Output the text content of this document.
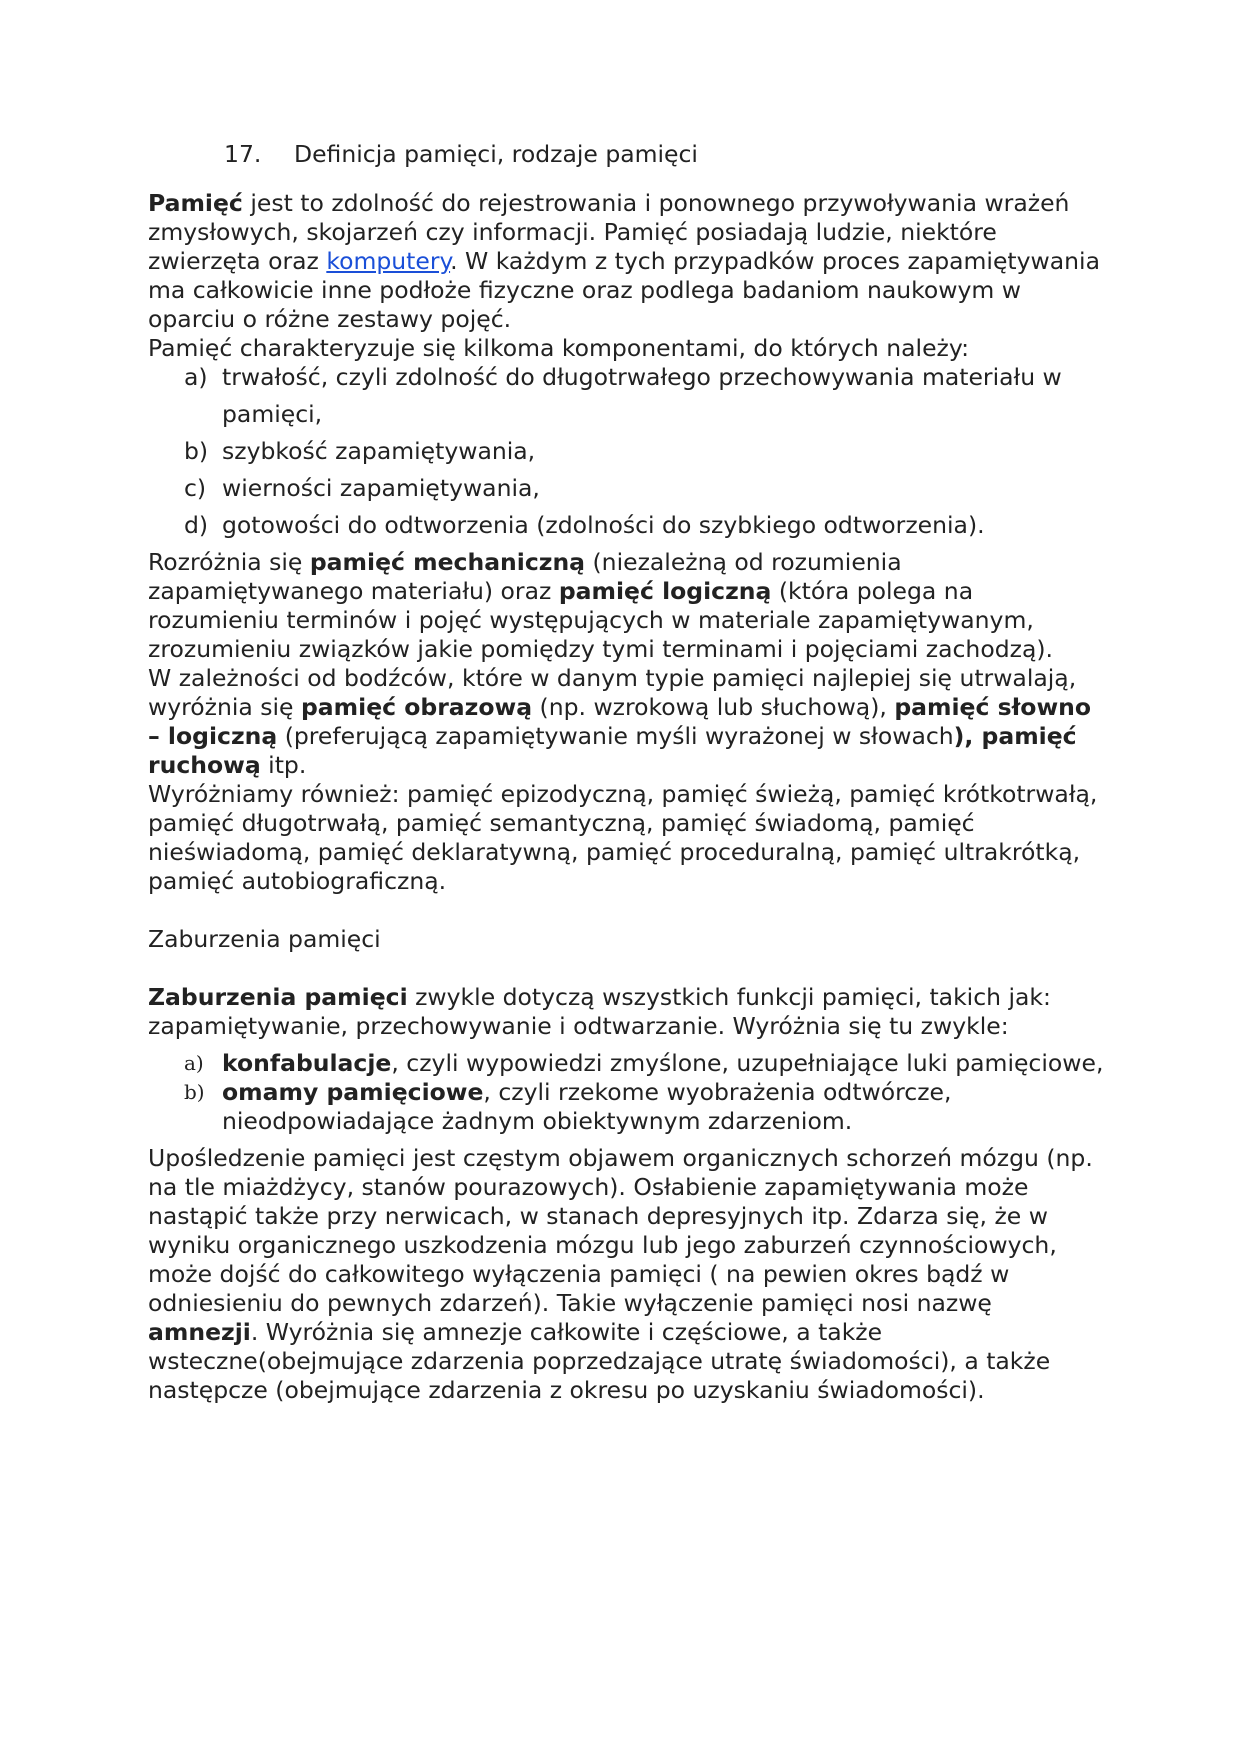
17.	Definicja pamięci, rodzaje pamięci

Pamięć jest to zdolność do rejestrowania i ponownego przywoływania wrażeń zmysłowych, skojarzeń czy informacji. Pamięć posiadają ludzie, niektóre zwierzęta oraz komputery. W każdym z tych przypadków proces zapamiętywania ma całkowicie inne podłoże fizyczne oraz podlega badaniom naukowym w oparciu o różne zestawy pojęć.

Pamięć charakteryzuje się kilkoma komponentami, do których należy:

a) trwałość, czyli zdolność do długotrwałego przechowywania materiału w pamięci,
b) szybkość zapamiętywania,
c) wierności zapamiętywania,
d) gotowości do odtworzenia (zdolności do szybkiego odtworzenia).

Rozróżnia się pamięć mechaniczną (niezależną od rozumienia zapamiętywanego materiału) oraz pamięć logiczną (która polega na rozumieniu terminów i pojęć występujących w materiale zapamiętywanym, zrozumieniu związków jakie pomiędzy tymi terminami i pojęciami zachodzą).

W zależności od bodźców, które w danym typie pamięci najlepiej się utrwalają, wyróżnia się pamięć obrazową (np. wzrokową lub słuchową), pamięć słowno – logiczną (preferującą zapamiętywanie myśli wyrażonej w słowach), pamięć ruchową itp.

Wyróżniamy również: pamięć epizodyczną, pamięć świeżą, pamięć krótkotrwałą, pamięć długotrwałą, pamięć semantyczną, pamięć świadomą, pamięć nieświadomą, pamięć deklaratywną, pamięć proceduralną, pamięć ultrakrótką, pamięć autobiograficzną.

Zaburzenia pamięci

Zaburzenia pamięci zwykle dotyczą wszystkich funkcji pamięci, takich jak: zapamiętywanie, przechowywanie i odtwarzanie. Wyróżnia się tu zwykle:

a) konfabulacje, czyli wypowiedzi zmyślone, uzupełniające luki pamięciowe,
b) omamy pamięciowe, czyli rzekome wyobrażenia odtwórcze, nieodpowiadające żadnym obiektywnym zdarzeniom.

Upośledzenie pamięci jest częstym objawem organicznych schorzeń mózgu (np. na tle miażdżycy, stanów pourazowych). Osłabienie zapamiętywania może nastąpić także przy nerwicach, w stanach depresyjnych itp. Zdarza się, że w wyniku organicznego uszkodzenia mózgu lub jego zaburzeń czynnościowych, może dojść do całkowitego wyłączenia pamięci ( na pewien okres bądź w odniesieniu do pewnych zdarzeń). Takie wyłączenie pamięci nosi nazwę amnezji. Wyróżnia się amnezje całkowite i częściowe, a także wsteczne(obejmujące zdarzenia poprzedzające utratę świadomości), a także następcze (obejmujące zdarzenia z okresu po uzyskaniu świadomości).
